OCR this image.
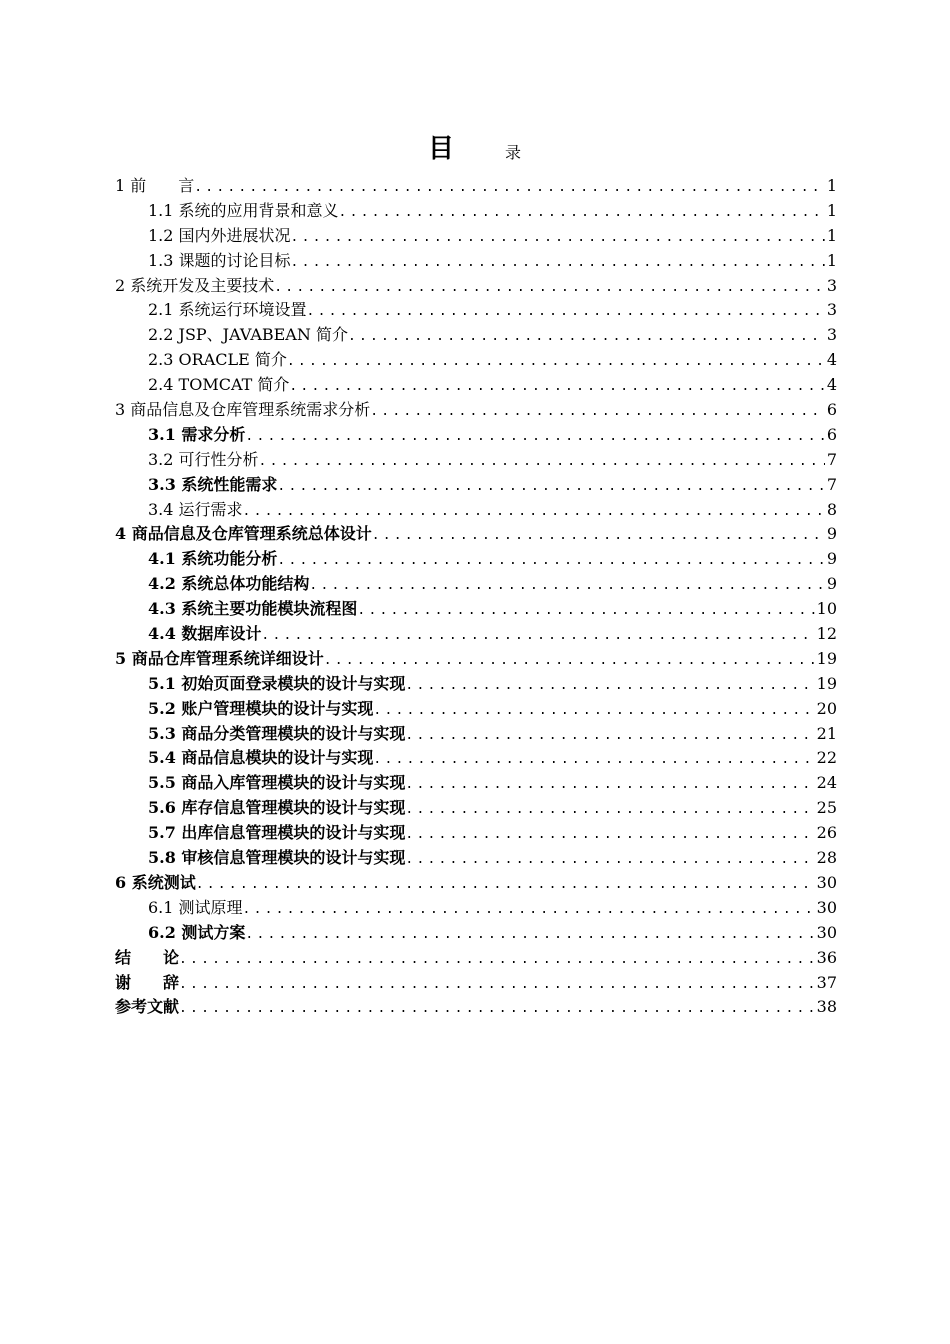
目	录
1 前　　言 .....	1
1.1 系统的应用背景和意义 .....	1
1.2 国内外进展状况 .....	1
1.3 课题的讨论目标 .....	1
2 系统开发及主要技术 .....	3
2.1 系统运行环境设置 .....	3
2.2 JSP、JAVABEAN 简介 .....	3
2.3 ORACLE 简介 .....	4
2.4 TOMCAT 简介 .....	4
3 商品信息及仓库管理系统需求分析 .....	6
3.1 需求分析 .....	6
3.2 可行性分析 .....	7
3.3 系统性能需求 .....	7
3.4 运行需求 .....	8
4 商品信息及仓库管理系统总体设计 .....	9
4.1 系统功能分析 .....	9
4.2 系统总体功能结构 .....	9
4.3 系统主要功能模块流程图 .....	10
4.4 数据库设计 .....	12
5 商品仓库管理系统详细设计 .....	19
5.1 初始页面登录模块的设计与实现 .....	19
5.2 账户管理模块的设计与实现 .....	20
5.3 商品分类管理模块的设计与实现 .....	21
5.4 商品信息模块的设计与实现 .....	22
5.5 商品入库管理模块的设计与实现 .....	24
5.6 库存信息管理模块的设计与实现 .....	25
5.7 出库信息管理模块的设计与实现 .....	26
5.8 审核信息管理模块的设计与实现 .....	28
6 系统测试 .....	30
6.1 测试原理 .....	30
6.2 测试方案 .....	30
结　　论 .....	36
谢　　辞 .....	37
参考文献 .....	38
